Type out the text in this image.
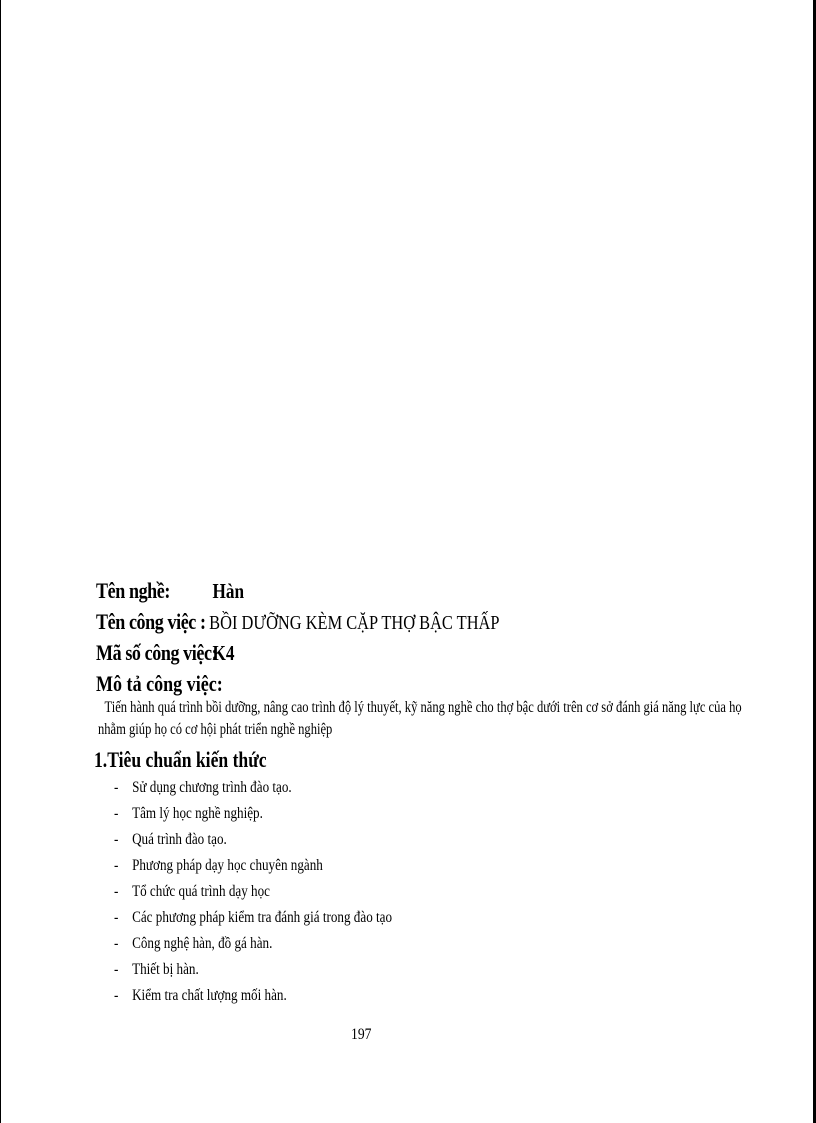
Tên nghề:	Hàn
Tên công việc : BỒI DƯỠNG KÈM CẶP THỢ BẬC THẤP
Mã số công việc:
K4
Mô tả công việc:
Tiến hành quá trình bồi dưỡng, nâng cao trình độ lý thuyết, kỹ năng nghề cho thợ bậc dưới trên cơ sở đánh giá năng lực của họ nhằm giúp họ có cơ hội phát triển nghề nghiệp
1.Tiêu chuẩn kiến thức
- Sử dụng chương trình đào tạo.
- Tâm lý học nghề nghiệp.
- Quá trình đào tạo.
- Phương pháp dạy học chuyên ngành
- Tổ chức quá trình dạy học
- Các phương pháp kiểm tra đánh giá trong đào tạo
- Công nghệ hàn, đồ gá hàn.
- Thiết bị hàn.
- Kiểm tra chất lượng mối hàn.
197
